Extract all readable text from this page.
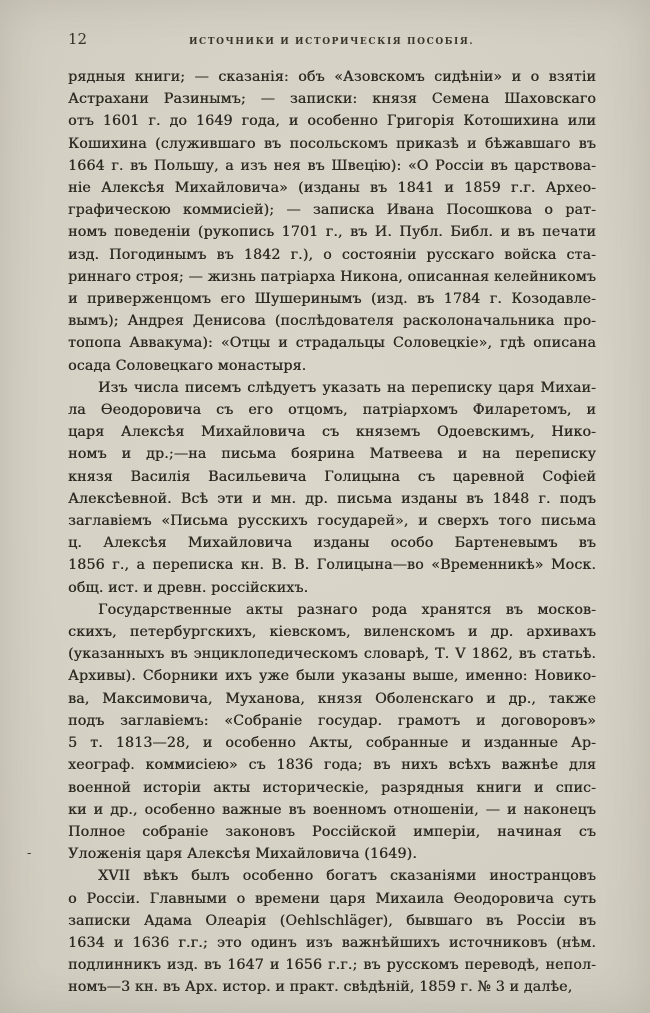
12	ИСТОЧНИКИ И ИСТОРИЧЕСКІЯ ПОСОБІЯ.
рядныя книги; — сказанія: объ «Азовскомъ сидѣніи» и о взятіи
Астрахани Разинымъ; — записки: князя Семена Шаховскаго
отъ 1601 г. до 1649 года, и особенно Григорія Котошихина или
Кошихина (служившаго въ посольскомъ приказѣ и бѣжавшаго въ
1664 г. въ Польшу, а изъ нея въ Швецію): «О Россіи въ царствова-
ніе Алексѣя Михайловича» (изданы въ 1841 и 1859 г.г. Архео-
графическою коммисіей); — записка Ивана Посошкова о рат-
номъ поведеніи (рукопись 1701 г., въ И. Публ. Библ. и въ печати
изд. Погодинымъ въ 1842 г.), о состояніи русскаго войска ста-
риннаго строя; — жизнь патріарха Никона, описанная келейникомъ
и приверженцомъ его Шушеринымъ (изд. въ 1784 г. Козодавле-
вымъ); Андрея Денисова (послѣдователя расколоначальника про-
топопа Аввакума): «Отцы и страдальцы Соловецкіе», гдѣ описана
осада Соловецкаго монастыря.
Изъ числа писемъ слѣдуетъ указать на переписку царя Михаи-
ла Ѳеодоровича съ его отцомъ, патріархомъ Филаретомъ, и
царя Алексѣя Михайловича съ княземъ Одоевскимъ, Нико-
номъ и др.;—на письма боярина Матвеева и на переписку
князя Василія Васильевича Голицына съ царевной Софіей
Алексѣевной. Всѣ эти и мн. др. письма изданы въ 1848 г. подъ
заглавіемъ «Письма русскихъ государей», и сверхъ того письма
ц. Алексѣя Михайловича изданы особо Бартеневымъ въ
1856 г., а переписка кн. В. В. Голицына—во «Временникѣ» Моск.
общ. ист. и древн. россійскихъ.
Государственные акты разнаго рода хранятся въ москов-
скихъ, петербургскихъ, кіевскомъ, виленскомъ и др. архивахъ
(указанныхъ въ энциклопедическомъ словарѣ, Т. V 1862, въ статьѣ.
Архивы). Сборники ихъ уже были указаны выше, именно: Новико-
ва, Максимовича, Муханова, князя Оболенскаго и др., также
подъ заглавіемъ: «Собраніе государ. грамотъ и договоровъ»
5 т. 1813—28, и особенно Акты, собранные и изданные Ар-
хеограф. коммисіею» съ 1836 года; въ нихъ всѣхъ важнѣе для
военной исторіи акты историческіе, разрядныя книги и спис-
ки и др., особенно важные въ военномъ отношеніи, — и наконецъ
Полное собраніе законовъ Россійской имперіи, начиная съ
Уложенія царя Алексѣя Михайловича (1649).
XVII вѣкъ былъ особенно богатъ сказаніями иностранцовъ
о Россіи. Главными о времени царя Михаила Ѳеодоровича суть
записки Адама Олеарія (Oehlschläger), бывшаго въ Россіи въ
1634 и 1636 г.г.; это одинъ изъ важнѣйшихъ источниковъ (нѣм.
подлинникъ изд. въ 1647 и 1656 г.г.; въ русскомъ переводѣ, непол-
номъ—3 кн. въ Арх. истор. и практ. свѣдѣній, 1859 г. № 3 и далѣе,
-
